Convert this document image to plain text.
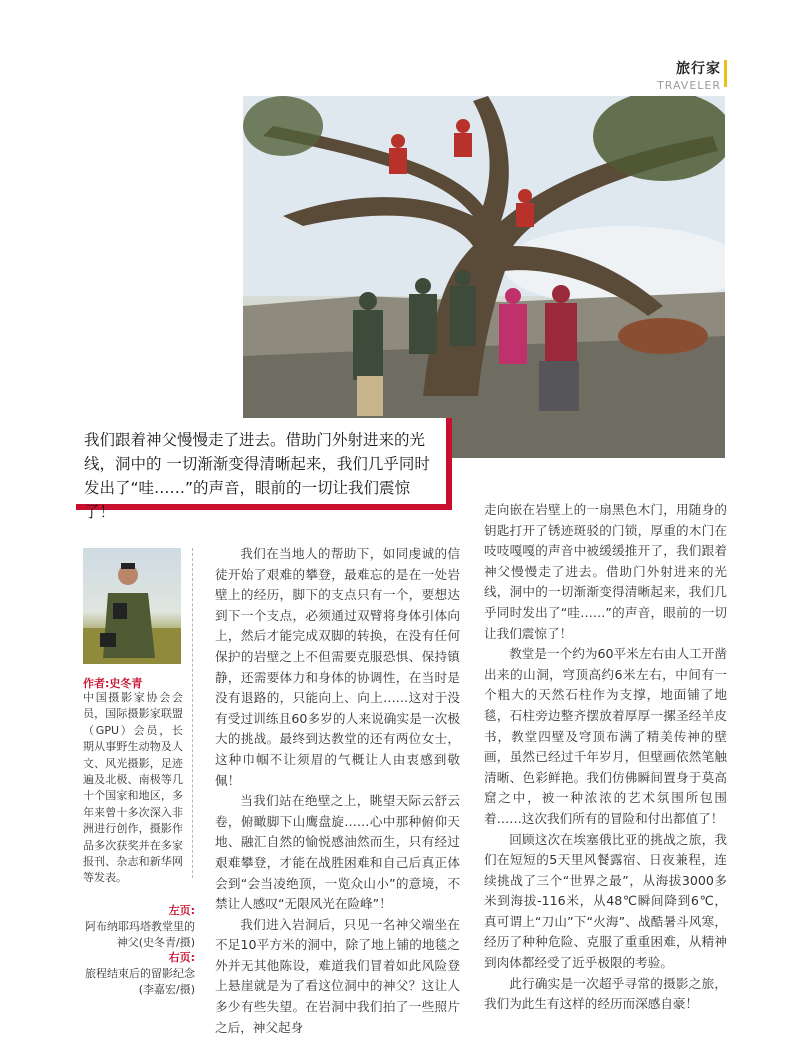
旅行家
TRAVELER
我们跟着神父慢慢走了进去。借助门外射进来的光线，洞中的 一切渐渐变得清晰起来，我们几乎同时发出了“哇……”的声音，眼前的一切让我们震惊了！
作者:史冬青
中国摄影家协会会员，国际摄影家联盟（GPU）会员，长期从事野生动物及人文、风光摄影，足迹遍及北极、南极等几十个国家和地区，多年来曾十多次深入非洲进行创作，摄影作品多次获奖并在多家报刊、杂志和新华网等发表。
左页:
阿布纳耶玛塔教堂里的神父(史冬青/摄)
右页:
旅程结束后的留影纪念(李嘉宏/摄)

我们在当地人的帮助下，如同虔诚的信徒开始了艰难的攀登，最难忘的是在一处岩壁上的经历，脚下的支点只有一个，要想达到下一个支点，必须通过双臂将身体引体向上，然后才能完成双脚的转换，在没有任何保护的岩壁之上不但需要克服恐惧、保持镇静，还需要体力和身体的协调性，在当时是没有退路的，只能向上、向上……这对于没有受过训练且60多岁的人来说确实是一次极大的挑战。最终到达教堂的还有两位女士，这种巾帼不让须眉的气概让人由衷感到敬佩！

当我们站在绝壁之上，眺望天际云舒云卷，俯瞰脚下山鹰盘旋……心中那种俯仰天地、融汇自然的愉悦感油然而生，只有经过艰难攀登，才能在战胜困难和自己后真正体会到“会当凌绝顶，一览众山小”的意境，不禁让人感叹“无限风光在险峰”！

我们进入岩洞后，只见一名神父端坐在不足10平方米的洞中，除了地上铺的地毯之外并无其他陈设，难道我们冒着如此风险登上悬崖就是为了看这位洞中的神父？这让人多少有些失望。在岩洞中我们拍了一些照片之后，神父起身

走向嵌在岩壁上的一扇黑色木门，用随身的钥匙打开了锈迹斑驳的门锁，厚重的木门在吱吱嘎嘎的声音中被缓缓推开了，我们跟着神父慢慢走了进去。借助门外射进来的光线，洞中的一切渐渐变得清晰起来，我们几乎同时发出了“哇……”的声音，眼前的一切让我们震惊了！

教堂是一个约为60平米左右由人工开凿出来的山洞，穹顶高约6米左右，中间有一个粗大的天然石柱作为支撑，地面铺了地毯，石柱旁边整齐摆放着厚厚一摞圣经羊皮书，教堂四壁及穹顶布满了精美传神的壁画，虽然已经过千年岁月，但壁画依然笔触清晰、色彩鲜艳。我们仿佛瞬间置身于莫高窟之中，被一种浓浓的艺术氛围所包围着……这次我们所有的冒险和付出都值了！

回顾这次在埃塞俄比亚的挑战之旅，我们在短短的5天里风餐露宿、日夜兼程，连续挑战了三个“世界之最”，从海拔3000多米到海拔-116米，从48℃瞬间降到6℃，真可谓上“刀山”下“火海”、战酷暑斗风寒，经历了种种危险、克服了重重困难，从精神到肉体都经受了近乎极限的考验。

此行确实是一次超乎寻常的摄影之旅，我们为此生有这样的经历而深感自豪！
